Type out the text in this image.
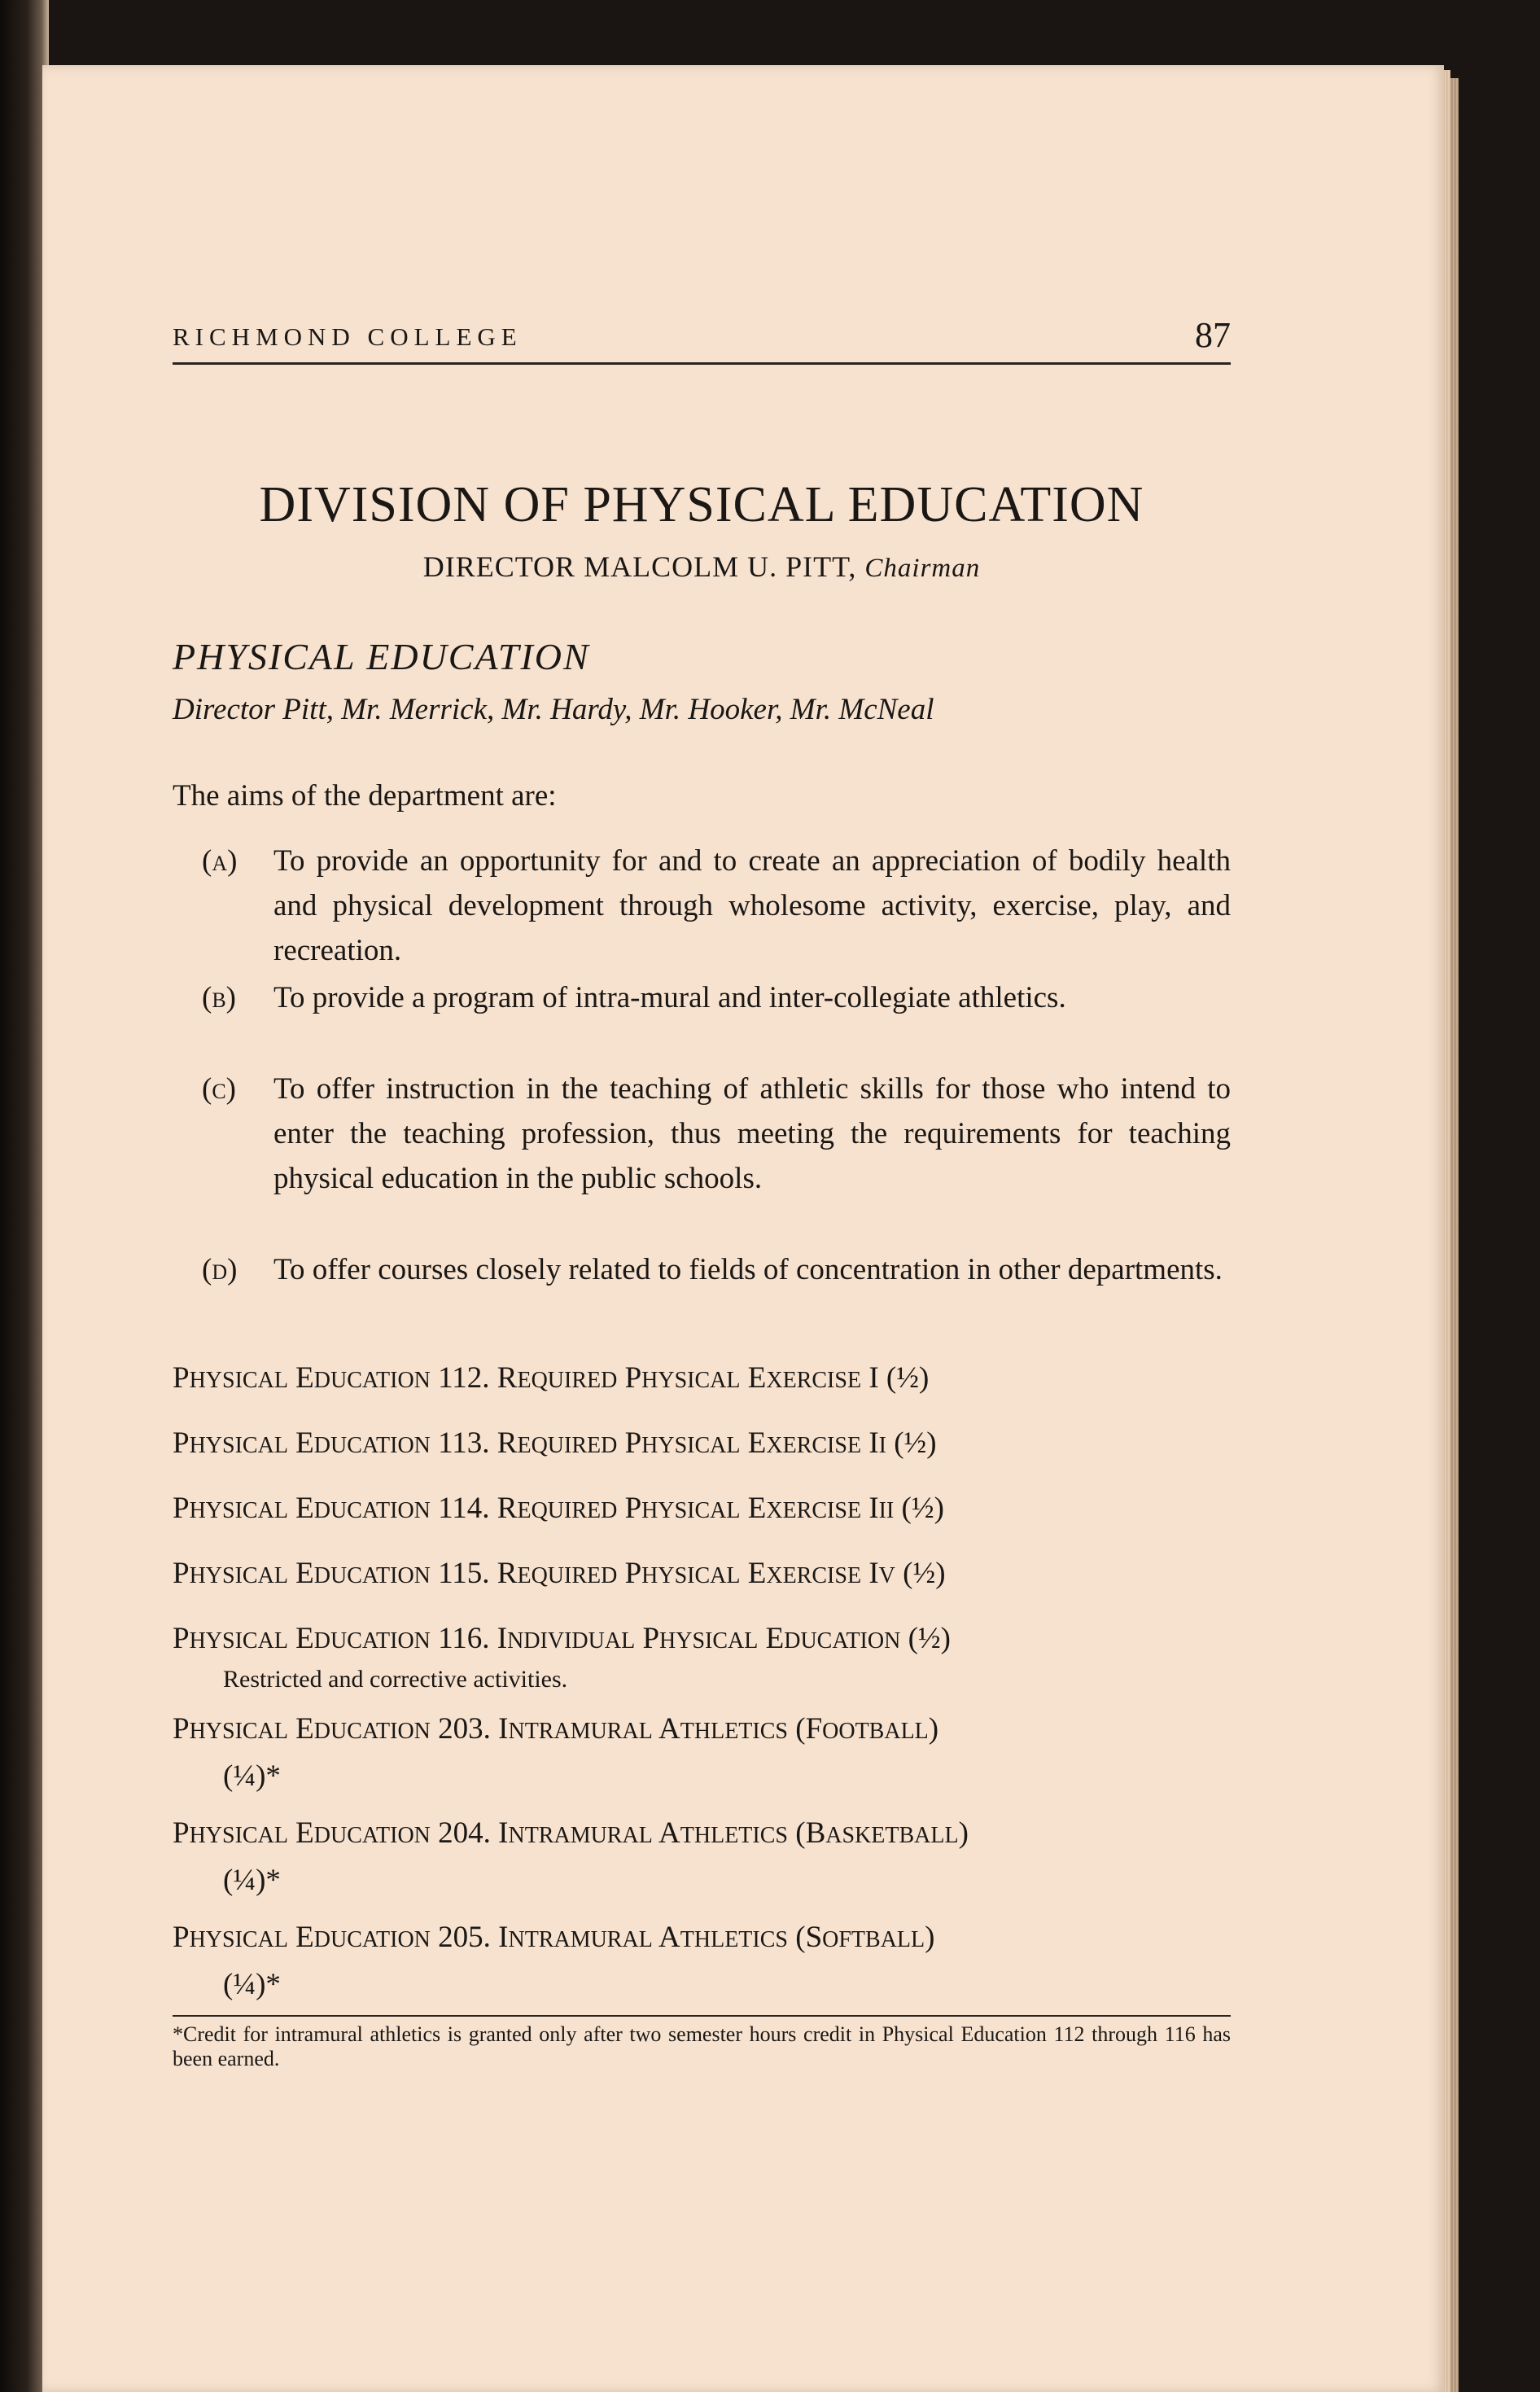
RICHMOND COLLEGE	87
DIVISION OF PHYSICAL EDUCATION
DIRECTOR MALCOLM U. PITT, Chairman
PHYSICAL EDUCATION
Director Pitt, Mr. Merrick, Mr. Hardy, Mr. Hooker, Mr. McNeal
The aims of the department are:
(A) To provide an opportunity for and to create an appreciation of bodily health and physical development through wholesome activity, exercise, play, and recreation.
(B) To provide a program of intra-mural and inter-collegiate athletics.
(C) To offer instruction in the teaching of athletic skills for those who intend to enter the teaching profession, thus meeting the requirements for teaching physical education in the public schools.
(D) To offer courses closely related to fields of concentration in other departments.
PHYSICAL EDUCATION 112. REQUIRED PHYSICAL EXERCISE I (½)
PHYSICAL EDUCATION 113. REQUIRED PHYSICAL EXERCISE II (½)
PHYSICAL EDUCATION 114. REQUIRED PHYSICAL EXERCISE III (½)
PHYSICAL EDUCATION 115. REQUIRED PHYSICAL EXERCISE IV (½)
PHYSICAL EDUCATION 116. INDIVIDUAL PHYSICAL EDUCATION (½)
Restricted and corrective activities.
PHYSICAL EDUCATION 203. INTRAMURAL ATHLETICS (FOOTBALL)
(¼)*
PHYSICAL EDUCATION 204. INTRAMURAL ATHLETICS (BASKETBALL)
(¼)*
PHYSICAL EDUCATION 205. INTRAMURAL ATHLETICS (SOFTBALL)
(¼)*
*Credit for intramural athletics is granted only after two semester hours credit in Physical Education 112 through 116 has been earned.
